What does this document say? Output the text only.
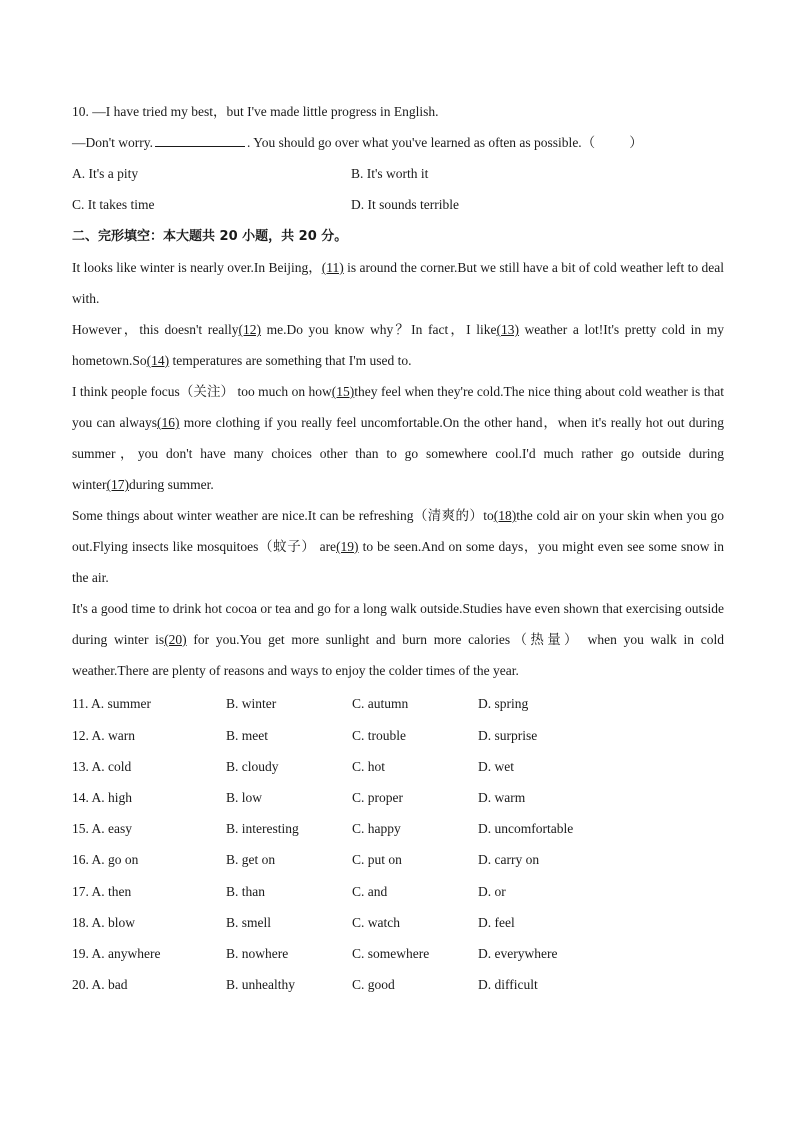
10. —I have tried my best，but I've made little progress in English.
—Don't worry.	. You should go over what you've learned as often as possible.（	）
A. It's a pity	B. It's worth it
C. It takes time	D. It sounds terrible
二、完形填空：本大题共 20 小题，共 20 分。
It looks like winter is nearly over.In Beijing，(11) is around the corner.But we still have a bit of cold weather left to deal with.
However，this doesn't really(12) me.Do you know why？In fact，I like(13) weather a lot!It's pretty cold in my hometown.So(14) temperatures are something that I'm used to.
I think people focus（关注） too much on how(15)they feel when they're cold.The nice thing about cold weather is that you can always(16) more clothing if you really feel uncomfortable.On the other hand，when it's really hot out during summer，you don't have many choices other than to go somewhere cool.I'd much rather go outside during winter(17)during summer.
Some things about winter weather are nice.It can be refreshing（清爽的）to(18)the cold air on your skin when you go out.Flying insects like mosquitoes（蚊子） are(19) to be seen.And on some days，you might even see some snow in the air.
It's a good time to drink hot cocoa or tea and go for a long walk outside.Studies have even shown that exercising outside during winter is(20) for you.You get more sunlight and burn more calories（热量） when you walk in cold weather.There are plenty of reasons and ways to enjoy the colder times of the year.
11. A. summer	B. winter	C. autumn	D. spring
12. A. warn	B. meet	C. trouble	D. surprise
13. A. cold	B. cloudy	C. hot	D. wet
14. A. high	B. low	C. proper	D. warm
15. A. easy	B. interesting	C. happy	D. uncomfortable
16. A. go on	B. get on	C. put on	D. carry on
17. A. then	B. than	C. and	D. or
18. A. blow	B. smell	C. watch	D. feel
19. A. anywhere	B. nowhere	C. somewhere	D. everywhere
20. A. bad	B. unhealthy	C. good	D. difficult
